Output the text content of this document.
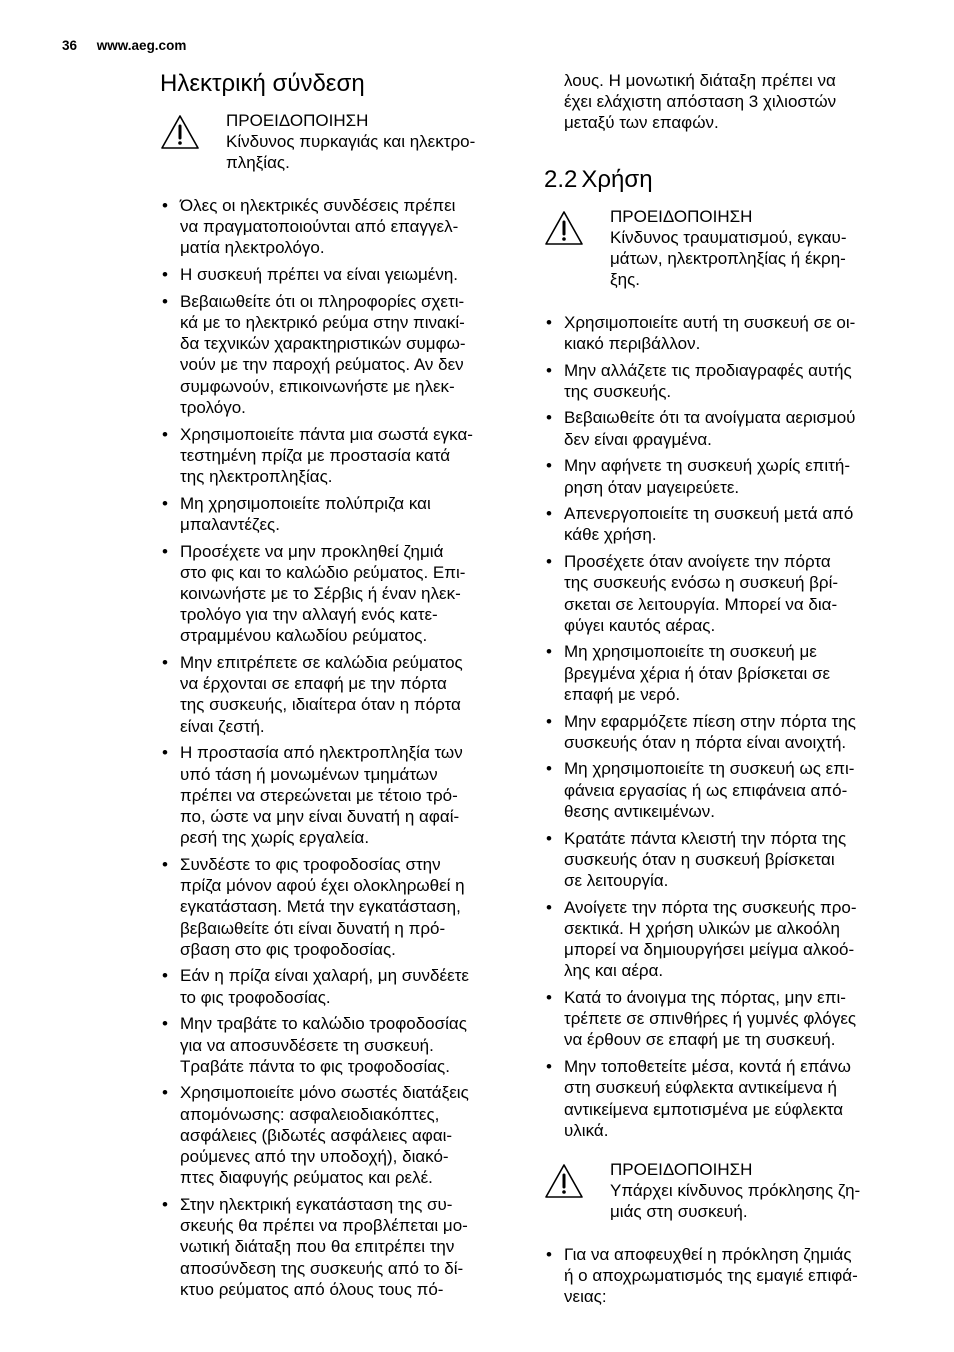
36 www.aeg.com
Ηλεκτρική σύνδεση
ΠΡΟΕΙΔΟΠΟΙΗΣΗ
Κίνδυνος πυρκαγιάς και ηλεκτρο-
πληξίας.
• Όλες οι ηλεκτρικές συνδέσεις πρέπει
να πραγματοποιούνται από επαγγελ-
ματία ηλεκτρολόγο.
• Η συσκευή πρέπει να είναι γειωμένη.
• Βεβαιωθείτε ότι οι πληροφορίες σχετι-
κά με το ηλεκτρικό ρεύμα στην πινακί-
δα τεχνικών χαρακτηριστικών συμφω-
νούν με την παροχή ρεύματος. Αν δεν
συμφωνούν, επικοινωνήστε με ηλεκ-
τρολόγο.
• Χρησιμοποιείτε πάντα μια σωστά εγκα-
τεστημένη πρίζα με προστασία κατά
της ηλεκτροπληξίας.
• Μη χρησιμοποιείτε πολύπριζα και
μπαλαντέζες.
• Προσέχετε να μην προκληθεί ζημιά
στο φις και το καλώδιο ρεύματος. Επι-
κοινωνήστε με το Σέρβις ή έναν ηλεκ-
τρολόγο για την αλλαγή ενός κατε-
στραμμένου καλωδίου ρεύματος.
• Μην επιτρέπετε σε καλώδια ρεύματος
να έρχονται σε επαφή με την πόρτα
της συσκευής, ιδιαίτερα όταν η πόρτα
είναι ζεστή.
• Η προστασία από ηλεκτροπληξία των
υπό τάση ή μονωμένων τμημάτων
πρέπει να στερεώνεται με τέτοιο τρό-
πο, ώστε να μην είναι δυνατή η αφαί-
ρεσή της χωρίς εργαλεία.
• Συνδέστε το φις τροφοδοσίας στην
πρίζα μόνον αφού έχει ολοκληρωθεί η
εγκατάσταση. Μετά την εγκατάσταση,
βεβαιωθείτε ότι είναι δυνατή η πρό-
σβαση στο φις τροφοδοσίας.
• Εάν η πρίζα είναι χαλαρή, μη συνδέετε
το φις τροφοδοσίας.
• Μην τραβάτε το καλώδιο τροφοδοσίας
για να αποσυνδέσετε τη συσκευή.
Τραβάτε πάντα το φις τροφοδοσίας.
• Χρησιμοποιείτε μόνο σωστές διατάξεις
απομόνωσης: ασφαλειοδιακόπτες,
ασφάλειες (βιδωτές ασφάλειες αφαι-
ρούμενες από την υποδοχή), διακό-
πτες διαφυγής ρεύματος και ρελέ.
• Στην ηλεκτρική εγκατάσταση της συ-
σκευής θα πρέπει να προβλέπεται μο-
νωτική διάταξη που θα επιτρέπει την
αποσύνδεση της συσκευής από το δί-
κτυο ρεύματος από όλους τους πό-
λους. Η μονωτική διάταξη πρέπει να
έχει ελάχιστη απόσταση 3 χιλιοστών
μεταξύ των επαφών.
2.2 Χρήση
ΠΡΟΕΙΔΟΠΟΙΗΣΗ
Κίνδυνος τραυματισμού, εγκαυ-
μάτων, ηλεκτροπληξίας ή έκρη-
ξης.
• Χρησιμοποιείτε αυτή τη συσκευή σε οι-
κιακό περιβάλλον.
• Μην αλλάζετε τις προδιαγραφές αυτής
της συσκευής.
• Βεβαιωθείτε ότι τα ανοίγματα αερισμού
δεν είναι φραγμένα.
• Μην αφήνετε τη συσκευή χωρίς επιτή-
ρηση όταν μαγειρεύετε.
• Απενεργοποιείτε τη συσκευή μετά από
κάθε χρήση.
• Προσέχετε όταν ανοίγετε την πόρτα
της συσκευής ενόσω η συσκευή βρί-
σκεται σε λειτουργία. Μπορεί να δια-
φύγει καυτός αέρας.
• Μη χρησιμοποιείτε τη συσκευή με
βρεγμένα χέρια ή όταν βρίσκεται σε
επαφή με νερό.
• Μην εφαρμόζετε πίεση στην πόρτα της
συσκευής όταν η πόρτα είναι ανοιχτή.
• Μη χρησιμοποιείτε τη συσκευή ως επι-
φάνεια εργασίας ή ως επιφάνεια από-
θεσης αντικειμένων.
• Κρατάτε πάντα κλειστή την πόρτα της
συσκευής όταν η συσκευή βρίσκεται
σε λειτουργία.
• Ανοίγετε την πόρτα της συσκευής προ-
σεκτικά. Η χρήση υλικών με αλκοόλη
μπορεί να δημιουργήσει μείγμα αλκοό-
λης και αέρα.
• Κατά το άνοιγμα της πόρτας, μην επι-
τρέπετε σε σπινθήρες ή γυμνές φλόγες
να έρθουν σε επαφή με τη συσκευή.
• Μην τοποθετείτε μέσα, κοντά ή επάνω
στη συσκευή εύφλεκτα αντικείμενα ή
αντικείμενα εμποτισμένα με εύφλεκτα
υλικά.
ΠΡΟΕΙΔΟΠΟΙΗΣΗ
Υπάρχει κίνδυνος πρόκλησης ζη-
μιάς στη συσκευή.
• Για να αποφευχθεί η πρόκληση ζημιάς
ή ο αποχρωματισμός της εμαγιέ επιφά-
νειας:
